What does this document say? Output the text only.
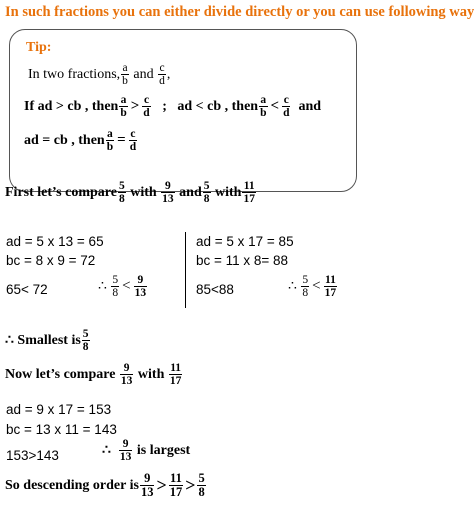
In such fractions you can either divide directly or you can use following way
Tip:
In two fractions, $\frac{a}{b}$ and $\frac{c}{d}$ ,
If ad > cb , then $\frac{a}{b} > \frac{c}{d}$ ; ad < cb , then $\frac{a}{b} < \frac{c}{d}$ and
ad = cb , then $\frac{a}{b} = \frac{c}{d}$
First let’s compare $\frac{5}{8}$ with $\frac{9}{13}$ and $\frac{5}{8}$ with $\frac{11}{17}$
ad = 5 x 13 = 65
bc = 8 x 9 = 72
65< 72	∴ $\frac{5}{8} < \frac{9}{13}$
ad = 5 x 17 = 85
bc = 11 x 8= 88
85<88	∴ $\frac{5}{8} < \frac{11}{17}$
∴ Smallest is $\frac{5}{8}$
Now let’s compare $\frac{9}{13}$ with $\frac{11}{17}$
ad = 9 x 17 = 153
bc = 13 x 11 = 143
153>143	∴ $\frac{9}{13}$ is largest
So descending order is $\frac{9}{13} > \frac{11}{17} > \frac{5}{8}$
